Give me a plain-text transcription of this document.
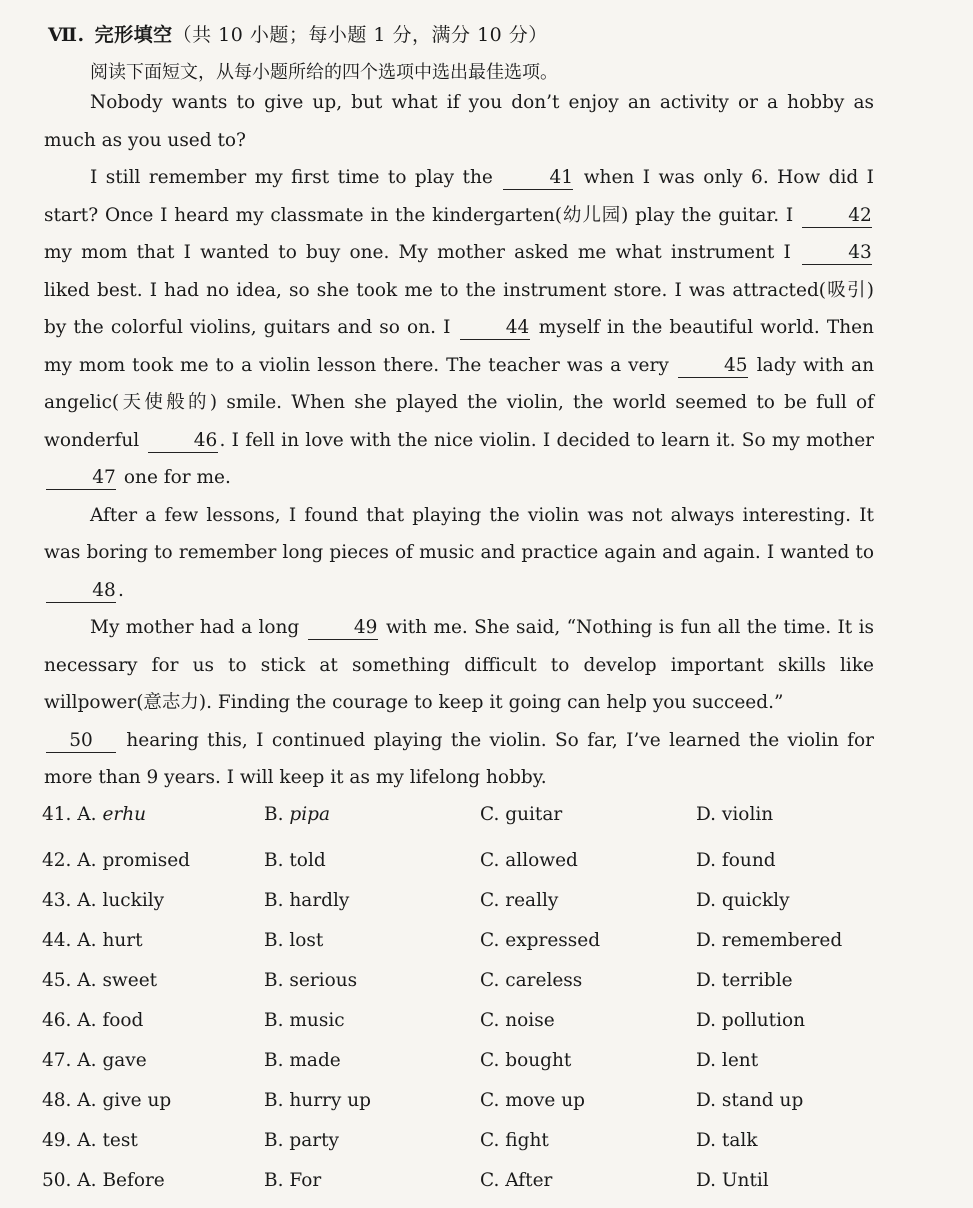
Ⅶ. 完形填空（共 10 小题；每小题 1 分，满分 10 分）
阅读下面短文，从每小题所给的四个选项中选出最佳选项。

Nobody wants to give up, but what if you don’t enjoy an activity or a hobby as much as you used to?

I still remember my first time to play the	41 when I was only 6. How did I start? Once I heard my classmate in the kindergarten(幼儿园) play the guitar. I	42 my mom that I wanted to buy one. My mother asked me what instrument I	43 liked best. I had no idea, so she took me to the instrument store. I was attracted(吸引) by the colorful violins, guitars and so on. I	44 myself in the beautiful world. Then my mom took me to a violin lesson there. The teacher was a very	45 lady with an angelic(天使般的) smile. When she played the violin, the world seemed to be full of wonderful	46 . I fell in love with the nice violin. I decided to learn it. So my mother 47 one for me.

After a few lessons, I found that playing the violin was not always interesting. It was boring to remember long pieces of music and practice again and again. I wanted to 48 .

My mother had a long	49 with me. She said, “Nothing is fun all the time. It is necessary for us to stick at something difficult to develop important skills like willpower(意志力). Finding the courage to keep it going can help you succeed.”

50 hearing this, I continued playing the violin. So far, I’ve learned the violin for more than 9 years. I will keep it as my lifelong hobby.

41. A. erhu	B. pipa	C. guitar	D. violin
42. A. promised	B. told	C. allowed	D. found
43. A. luckily	B. hardly	C. really	D. quickly
44. A. hurt	B. lost	C. expressed	D. remembered
45. A. sweet	B. serious	C. careless	D. terrible
46. A. food	B. music	C. noise	D. pollution
47. A. gave	B. made	C. bought	D. lent
48. A. give up	B. hurry up	C. move up	D. stand up
49. A. test	B. party	C. fight	D. talk
50. A. Before	B. For	C. After	D. Until
